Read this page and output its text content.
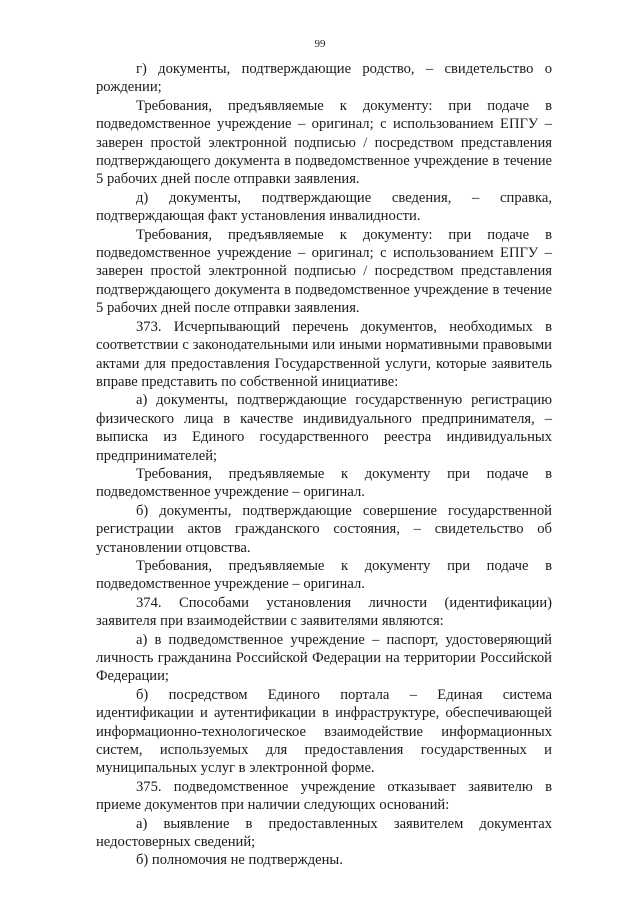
99

г) документы, подтверждающие родство, – свидетельство о рождении;

Требования, предъявляемые к документу: при подаче в подведомственное учреждение – оригинал; с использованием ЕПГУ – заверен простой электронной подписью / посредством представления подтверждающего документа в подведомственное учреждение в течение 5 рабочих дней после отправки заявления.

д) документы, подтверждающие сведения, – справка, подтверждающая факт установления инвалидности.

Требования, предъявляемые к документу: при подаче в подведомственное учреждение – оригинал; с использованием ЕПГУ – заверен простой электронной подписью / посредством представления подтверждающего документа в подведомственное учреждение в течение 5 рабочих дней после отправки заявления.

373. Исчерпывающий перечень документов, необходимых в соответствии с законодательными или иными нормативными правовыми актами для предоставления Государственной услуги, которые заявитель вправе представить по собственной инициативе:

а) документы, подтверждающие государственную регистрацию физического лица в качестве индивидуального предпринимателя, – выписка из Единого государственного реестра индивидуальных предпринимателей;

Требования, предъявляемые к документу при подаче в подведомственное учреждение – оригинал.

б) документы, подтверждающие совершение государственной регистрации актов гражданского состояния, – свидетельство об установлении отцовства.

Требования, предъявляемые к документу при подаче в подведомственное учреждение – оригинал.

374. Способами установления личности (идентификации) заявителя при взаимодействии с заявителями являются:

а) в подведомственное учреждение – паспорт, удостоверяющий личность гражданина Российской Федерации на территории Российской Федерации;

б) посредством Единого портала – Единая система идентификации и аутентификации в инфраструктуре, обеспечивающей информационно-технологическое взаимодействие информационных систем, используемых для предоставления государственных и муниципальных услуг в электронной форме.

375. подведомственное учреждение отказывает заявителю в приеме документов при наличии следующих оснований:

а) выявление в предоставленных заявителем документах недостоверных сведений;

б) полномочия не подтверждены.
